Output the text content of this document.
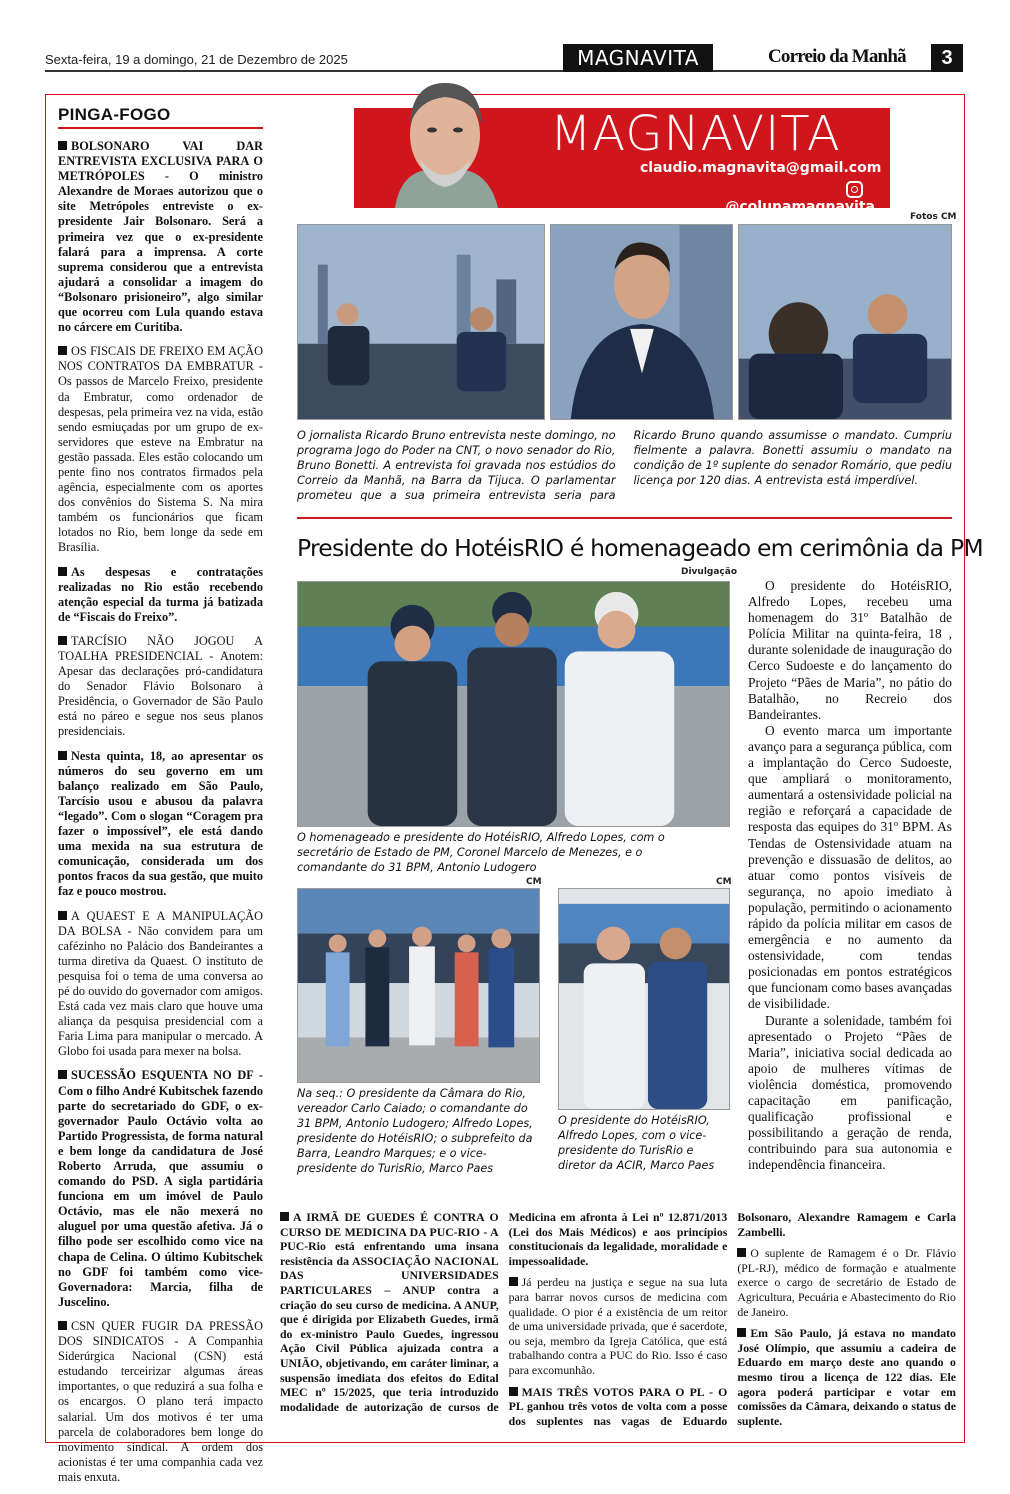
Sexta-feira, 19 a domingo, 21 de Dezembro de 2025	MAGNAVITA	Correio da Manhã	3
PINGA-FOGO
BOLSONARO VAI DAR ENTREVISTA EXCLUSIVA PARA O METRÓPOLES - O ministro Alexandre de Moraes autorizou que o site Metrópoles entreviste o ex-presidente Jair Bolsonaro. Será a primeira vez que o ex-presidente falará para a imprensa. A corte suprema considerou que a entrevista ajudará a consolidar a imagem do “Bolsonaro prisioneiro”, algo similar que ocorreu com Lula quando estava no cárcere em Curitiba.
OS FISCAIS DE FREIXO EM AÇÃO NOS CONTRATOS DA EMBRATUR - Os passos de Marcelo Freixo, presidente da Embratur, como ordenador de despesas, pela primeira vez na vida, estão sendo esmiuçadas por um grupo de ex-servidores que esteve na Embratur na gestão passada. Eles estão colocando um pente fino nos contratos firmados pela agência, especialmente com os aportes dos convênios do Sistema S. Na mira também os funcionários que ficam lotados no Rio, bem longe da sede em Brasília.
As despesas e contratações realizadas no Rio estão recebendo atenção especial da turma já batizada de “Fiscais do Freixo”.
TARCÍSIO NÃO JOGOU A TOALHA PRESIDENCIAL - Anotem: Apesar das declarações pró-candidatura do Senador Flávio Bolsonaro à Presidência, o Governador de São Paulo está no páreo e segue nos seus planos presidenciais.
Nesta quinta, 18, ao apresentar os números do seu governo em um balanço realizado em São Paulo, Tarcísio usou e abusou da palavra “legado”. Com o slogan “Coragem pra fazer o impossível”, ele está dando uma mexida na sua estrutura de comunicação, considerada um dos pontos fracos da sua gestão, que muito faz e pouco mostrou.
A QUAEST E A MANIPULAÇÃO DA BOLSA - Não convidem para um cafézinho no Palácio dos Bandeirantes a turma diretiva da Quaest. O instituto de pesquisa foi o tema de uma conversa ao pé do ouvido do governador com amigos. Está cada vez mais claro que houve uma aliança da pesquisa presidencial com a Faria Lima para manipular o mercado. A Globo foi usada para mexer na bolsa.
SUCESSÃO ESQUENTA NO DF - Com o filho André Kubitschek fazendo parte do secretariado do GDF, o ex-governador Paulo Octávio volta ao Partido Progressista, de forma natural e bem longe da candidatura de José Roberto Arruda, que assumiu o comando do PSD. A sigla partidária funciona em um imóvel de Paulo Octávio, mas ele não mexerá no aluguel por uma questão afetiva. Já o filho pode ser escolhido como vice na chapa de Celina. O último Kubitschek no GDF foi também como vice-Governadora: Marcia, filha de Juscelino.
CSN QUER FUGIR DA PRESSÃO DOS SINDICATOS - A Companhia Siderúrgica Nacional (CSN) está estudando terceirizar algumas áreas importantes, o que reduzirá a sua folha e os encargos. O plano terá impacto salarial. Um dos motivos é ter uma parcela de colaboradores bem longe do movimento sindical. A ordem dos acionistas é ter uma companhia cada vez mais enxuta.
MAGNAVITA
claudio.magnavita@gmail.com
@colunamagnavita
Fotos CM
O jornalista Ricardo Bruno entrevista neste domingo, no programa Jogo do Poder na CNT, o novo senador do Rio, Bruno Bonetti. A entrevista foi gravada nos estúdios do Correio da Manhã, na Barra da Tijuca. O parlamentar prometeu que a sua primeira entrevista seria para Ricardo Bruno quando assumisse o mandato. Cumpriu fielmente a palavra. Bonetti assumiu o mandato na condição de 1º suplente do senador Romário, que pediu licença por 120 dias. A entrevista está imperdível.
Presidente do HotéisRIO é homenageado em cerimônia da PM
Divulgação
O homenageado e presidente do HotéisRIO, Alfredo Lopes, com o secretário de Estado de PM, Coronel Marcelo de Menezes, e o comandante do 31 BPM, Antonio Ludogero
CM	CM
Na seq.: O presidente da Câmara do Rio, vereador Carlo Caiado; o comandante do 31 BPM, Antonio Ludogero; Alfredo Lopes, presidente do HotéisRIO; o subprefeito da Barra, Leandro Marques; e o vice-presidente do TurisRio, Marco Paes
O presidente do HotéisRIO, Alfredo Lopes, com o vice-presidente do TurisRio e diretor da ACIR, Marco Paes

O presidente do HotéisRIO, Alfredo Lopes, recebeu uma homenagem do 31º Batalhão de Polícia Militar na quinta-feira, 18 , durante solenidade de inauguração do Cerco Sudoeste e do lançamento do Projeto “Pães de Maria”, no pátio do Batalhão, no Recreio dos Bandeirantes.

O evento marca um importante avanço para a segurança pública, com a implantação do Cerco Sudoeste, que ampliará o monitoramento, aumentará a ostensividade policial na região e reforçará a capacidade de resposta das equipes do 31º BPM. As Tendas de Ostensividade atuam na prevenção e dissuasão de delitos, ao atuar como pontos visíveis de segurança, no apoio imediato à população, permitindo o acionamento rápido da polícia militar em casos de emergência e no aumento da ostensividade, com tendas posicionadas em pontos estratégicos que funcionam como bases avançadas de visibilidade.

Durante a solenidade, também foi apresentado o Projeto “Pães de Maria”, iniciativa social dedicada ao apoio de mulheres vítimas de violência doméstica, promovendo capacitação em panificação, qualificação profissional e possibilitando a geração de renda, contribuindo para sua autonomia e independência financeira.

A IRMÃ DE GUEDES É CONTRA O CURSO DE MEDICINA DA PUC-RIO - A PUC-Rio está enfrentando uma insana resistência da ASSOCIAÇÃO NACIONAL DAS UNIVERSIDADES PARTICULARES – ANUP contra a criação do seu curso de medicina. A ANUP, que é dirigida por Elizabeth Guedes, irmã do ex-ministro Paulo Guedes, ingressou Ação Civil Pública ajuizada contra a UNIÃO, objetivando, em caráter liminar, a suspensão imediata dos efeitos do Edital MEC nº 15/2025, que teria introduzido modalidade de autorização de cursos de Medicina em afronta à Lei nº 12.871/2013 (Lei dos Mais Médicos) e aos princípios constitucionais da legalidade, moralidade e impessoalidade.
Já perdeu na justiça e segue na sua luta para barrar novos cursos de medicina com qualidade. O pior é a existência de um reitor de uma universidade privada, que é sacerdote, ou seja, membro da Igreja Católica, que está trabalhando contra a PUC do Rio. Isso é caso para excomunhão.
MAIS TRÊS VOTOS PARA O PL - O PL ganhou três votos de volta com a posse dos suplentes nas vagas de Eduardo Bolsonaro, Alexandre Ramagem e Carla Zambelli.
O suplente de Ramagem é o Dr. Flávio (PL-RJ), médico de formação e atualmente exerce o cargo de secretário de Estado de Agricultura, Pecuária e Abastecimento do Rio de Janeiro.
Em São Paulo, já estava no mandato José Olímpio, que assumiu a cadeira de Eduardo em março deste ano quando o mesmo tirou a licença de 122 dias. Ele agora poderá participar e votar em comissões da Câmara, deixando o status de suplente.
